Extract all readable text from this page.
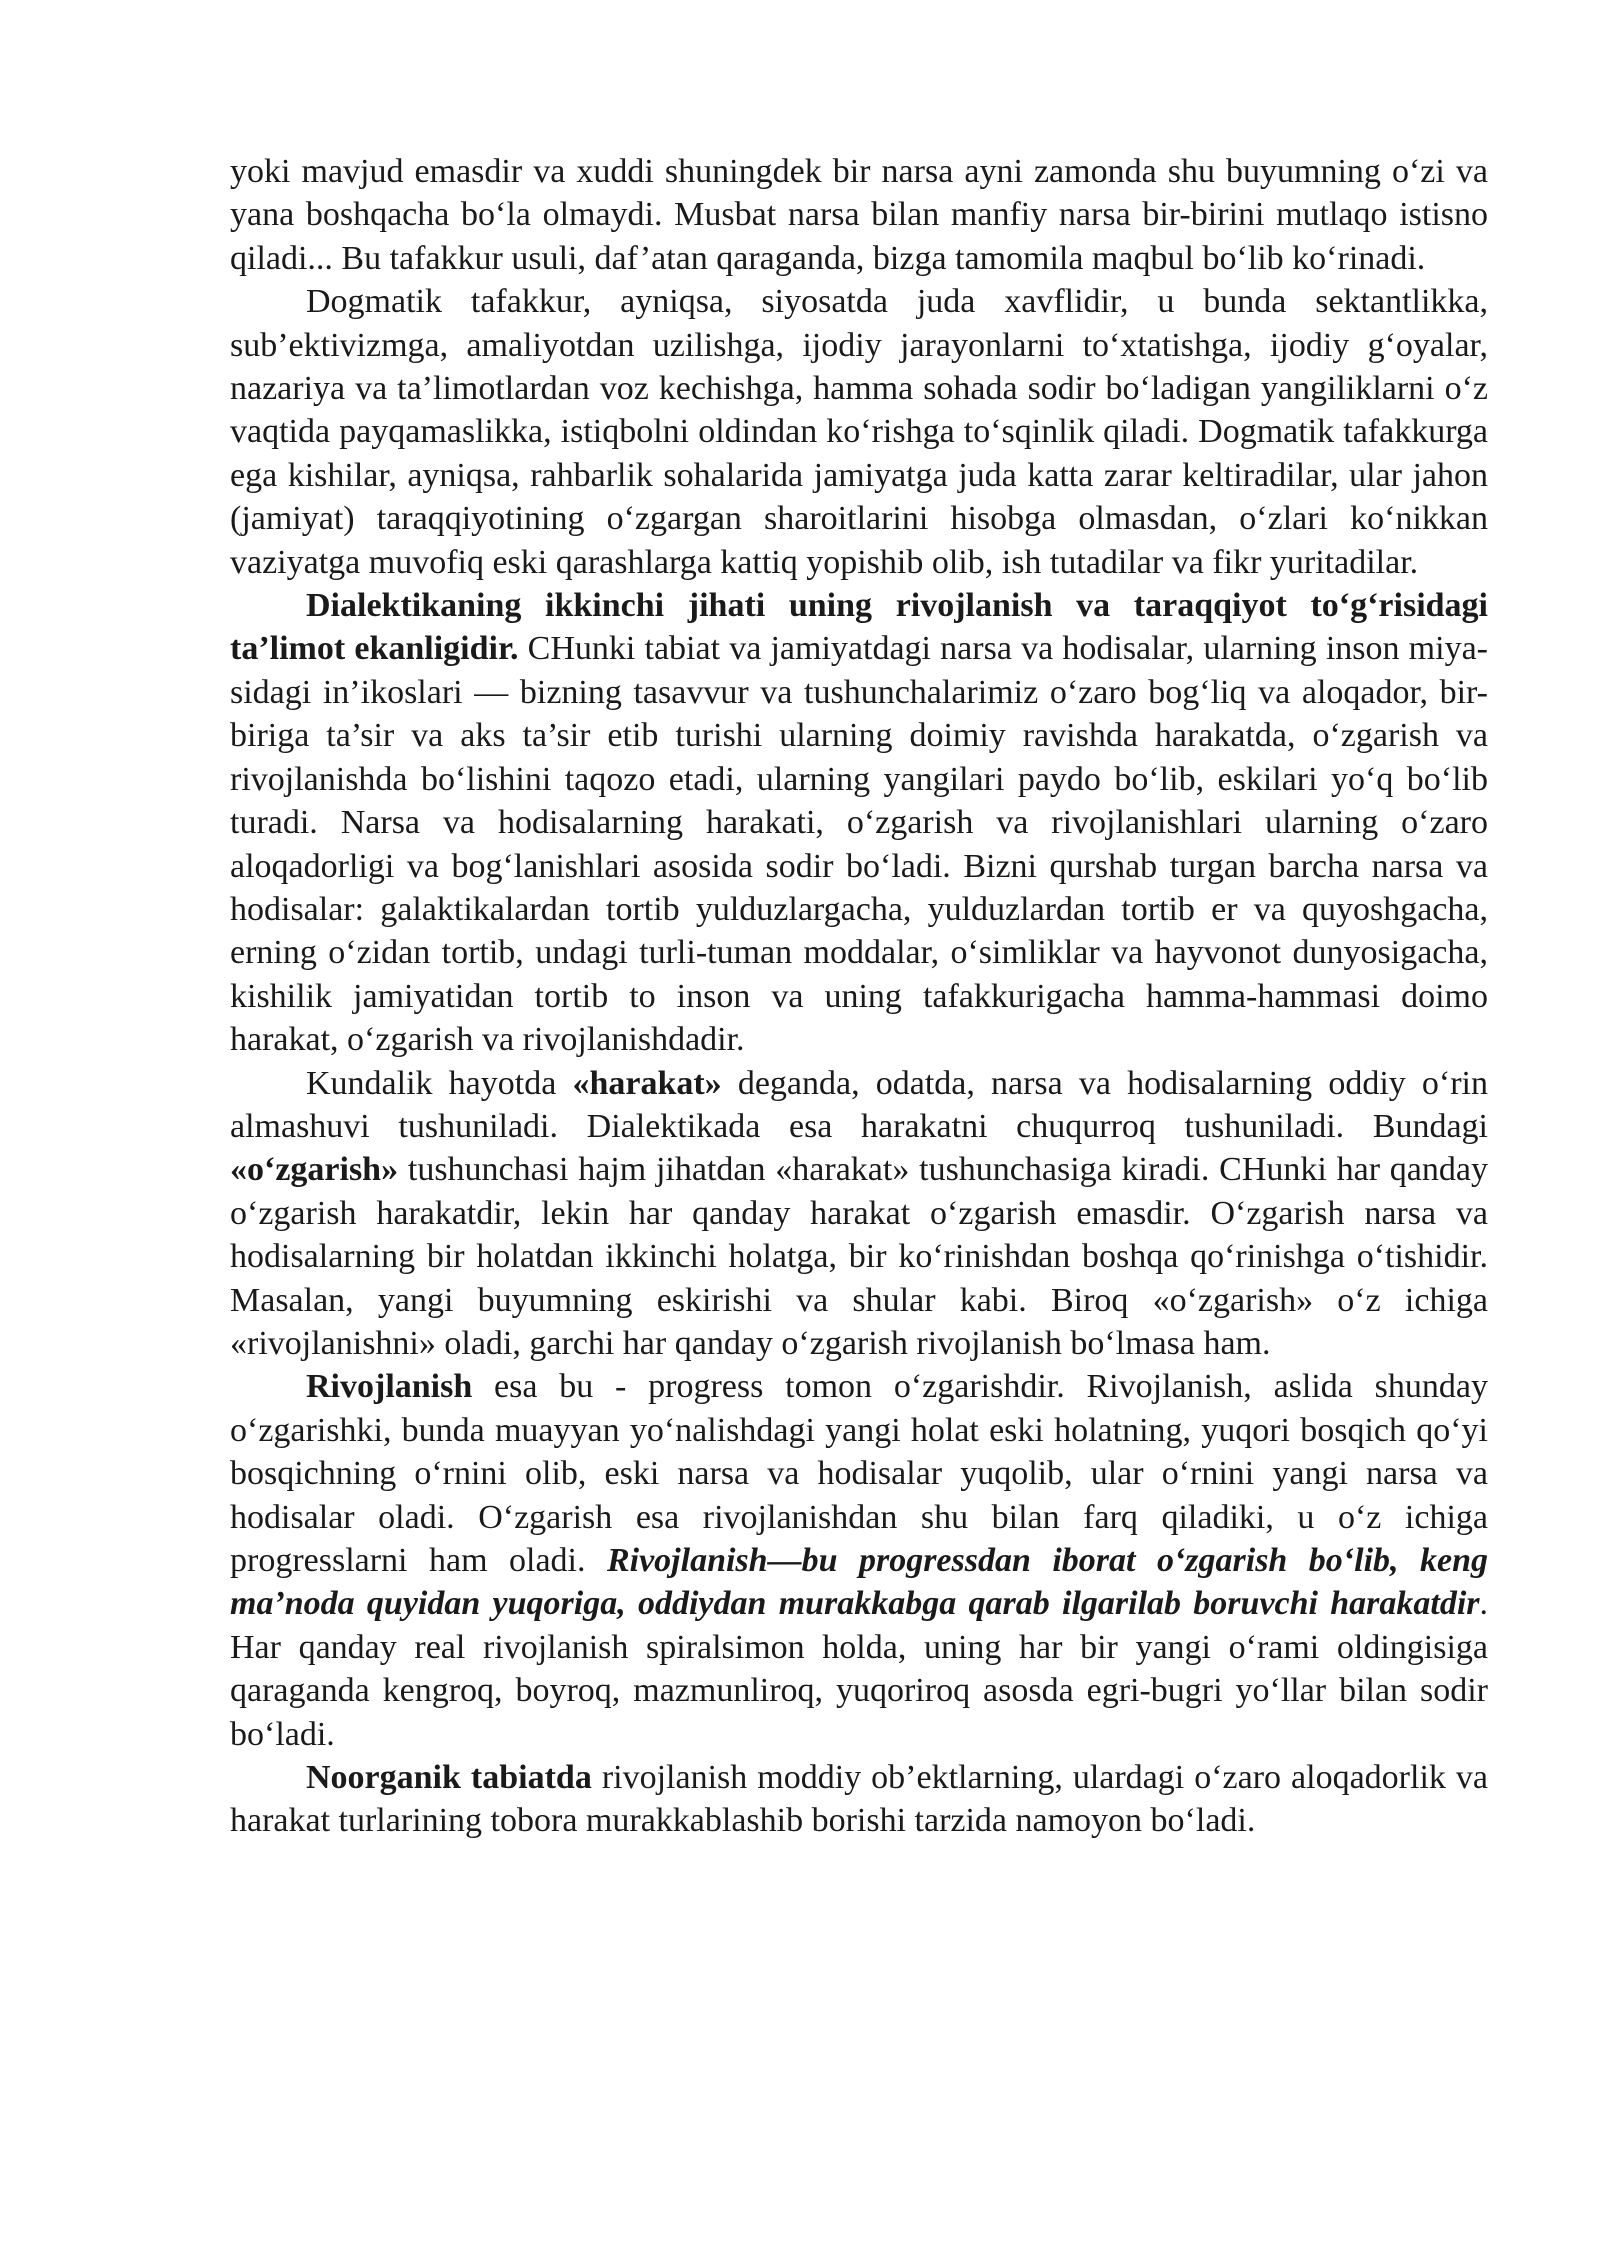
yoki mavjud emasdir va xuddi shuningdek bir narsa ayni zamonda shu buyumning oʻzi va yana boshqacha boʻla olmaydi. Musbat narsa bilan manfiy narsa bir-birini mutlaqo istisno qiladi... Bu tafakkur usuli, daf’atan qaraganda, bizga tamomila maqbul boʻlib koʻrinadi.

Dogmatik tafakkur, ayniqsa, siyosatda juda xavflidir, u bunda sektantlikka, sub’ektivizmga, amaliyotdan uzilishga, ijodiy jarayonlarni toʻxtatishga, ijodiy gʻoyalar, nazariya va ta’limotlardan voz kechishga, hamma sohada sodir boʻladigan yangiliklarni oʻz vaqtida payqamaslikka, istiqbolni oldindan koʻrishga toʻsqinlik qiladi. Dogmatik tafakkurga ega kishilar, ayniqsa, rahbarlik sohalarida jamiyatga juda katta zarar keltiradilar, ular jahon (jamiyat) taraqqiyotining oʻzgargan sharoitlarini hisobga olmasdan, oʻzlari koʻnikkan vaziyatga muvofiq eski qarashlarga kattiq yopishib olib, ish tutadilar va fikr yuritadilar.

Dialektikaning ikkinchi jihati uning rivojlanish va taraqqiyot toʻgʻrisidagi ta’limot ekanligidir. CHunki tabiat va jamiyatdagi narsa va hodisalar, ularning inson miya-sidagi in’ikoslari — bizning tasavvur va tushunchalarimiz oʻzaro bogʻliq va aloqador, bir-biriga ta’sir va aks ta’sir etib turishi ularning doimiy ravishda harakatda, oʻzgarish va rivojlanishda boʻlishini taqozo etadi, ularning yangilari paydo boʻlib, eskilari yoʻq boʻlib turadi. Narsa va hodisalarning harakati, oʻzgarish va rivojlanishlari ularning oʻzaro aloqadorligi va bogʻlanishlari asosida sodir boʻladi. Bizni qurshab turgan barcha narsa va hodisalar: galaktikalardan tortib yulduzlargacha, yulduzlardan tortib er va quyoshgacha, erning oʻzidan tortib, undagi turli-tuman moddalar, oʻsimliklar va hayvonot dunyosigacha, kishilik jamiyatidan tortib to inson va uning tafakkurigacha hamma-hammasi doimo harakat, oʻzgarish va rivojlanishdadir.

Kundalik hayotda «harakat» deganda, odatda, narsa va hodisalarning oddiy oʻrin almashuvi tushuniladi. Dialektikada esa harakatni chuqurroq tushuniladi. Bundagi «oʻzgarish» tushunchasi hajm jihatdan «harakat» tushunchasiga kiradi. CHunki har qanday oʻzgarish harakatdir, lekin har qanday harakat oʻzgarish emasdir. Oʻzgarish narsa va hodisalarning bir holatdan ikkinchi holatga, bir koʻrinishdan boshqa qoʻrinishga oʻtishidir. Masalan, yangi buyumning eskirishi va shular kabi. Biroq «oʻzgarish» oʻz ichiga «rivojlanishni» oladi, garchi har qanday oʻzgarish rivojlanish boʻlmasa ham.

Rivojlanish esa bu - progress tomon oʻzgarishdir. Rivojlanish, aslida shunday oʻzgarishki, bunda muayyan yoʻnalishdagi yangi holat eski holatning, yuqori bosqich qoʻyi bosqichning oʻrnini olib, eski narsa va hodisalar yuqolib, ular oʻrnini yangi narsa va hodisalar oladi. Oʻzgarish esa rivojlanishdan shu bilan farq qiladiki, u oʻz ichiga progresslarni ham oladi. Rivojlanish—bu progressdan iborat oʻzgarish boʻlib, keng ma’noda quyidan yuqoriga, oddiydan murakkabga qarab ilgarilab boruvchi harakatdir. Har qanday real rivojlanish spiralsimon holda, uning har bir yangi oʻrami oldingisiga qaraganda kengroq, boyroq, mazmunliroq, yuqoriroq asosda egri-bugri yoʻllar bilan sodir boʻladi.

Noorganik tabiatda rivojlanish moddiy ob’ektlarning, ulardagi oʻzaro aloqadorlik va harakat turlarining tobora murakkablashib borishi tarzida namoyon boʻladi.
